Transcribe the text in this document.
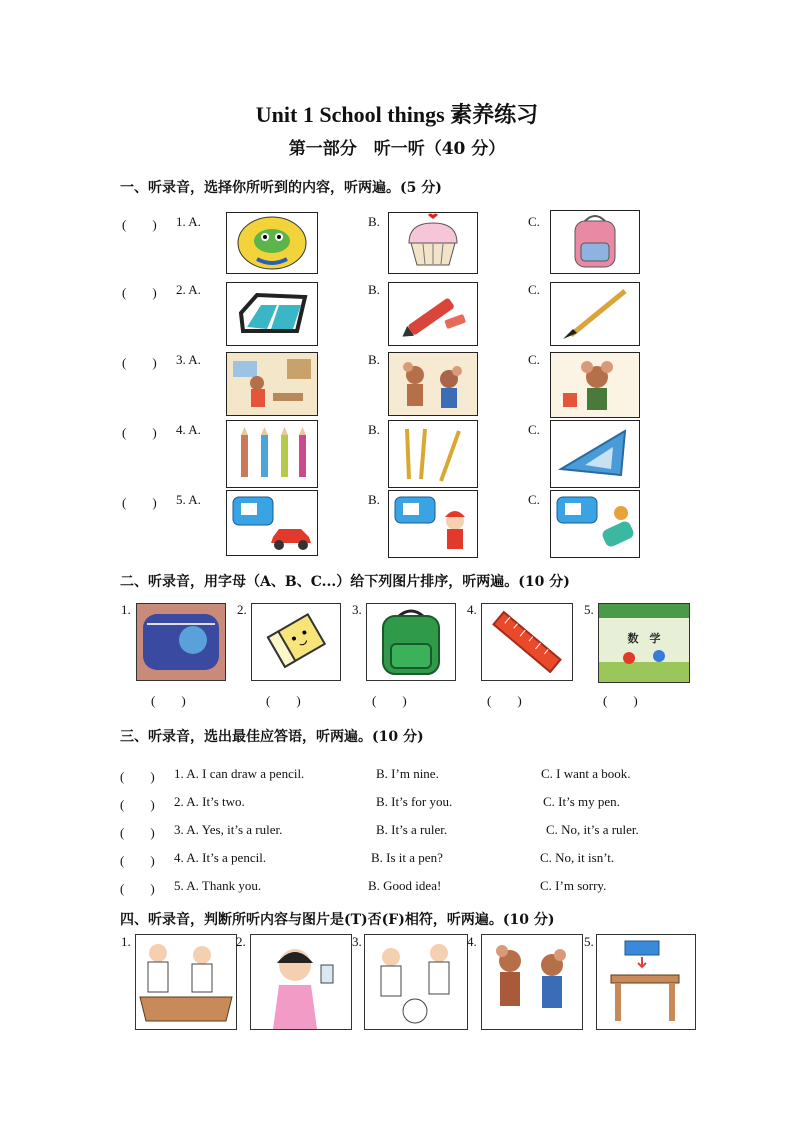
Unit 1 School things 素养练习
第一部分　听一听（40 分）
一、听录音，选择你所听到的内容，听两遍。(5 分)
(　　) 1. A.	B.	C.
(　　) 2. A.	B.	C.
(　　) 3. A.	B.	C.
(　　) 4. A.	B.	C.
(　　) 5. A.	B.	C.
二、听录音，用字母（A、B、C...）给下列图片排序，听两遍。(10 分)
1.
(　　)
2.
(　　)
3.
(　　)
4.
(　　)
5.
数　学
(　　)
三、听录音，选出最佳应答语，听两遍。(10 分)
(　　) 1. A. I can draw a pencil.	B. I’m nine.	C. I want a book.
(　　) 2. A. It’s two.	B. It’s for you.	C. It’s my pen.
(　　) 3. A. Yes, it’s a ruler.	B. It’s a ruler.	C. No, it’s a ruler.
(　　) 4. A. It’s a pencil.	B. Is it a pen?	C. No, it isn’t.
(　　) 5. A. Thank you.	B. Good idea!	C. I’m sorry.
四、听录音，判断所听内容与图片是(T)否(F)相符，听两遍。(10 分)
1.	2.	3.	4.	5.
